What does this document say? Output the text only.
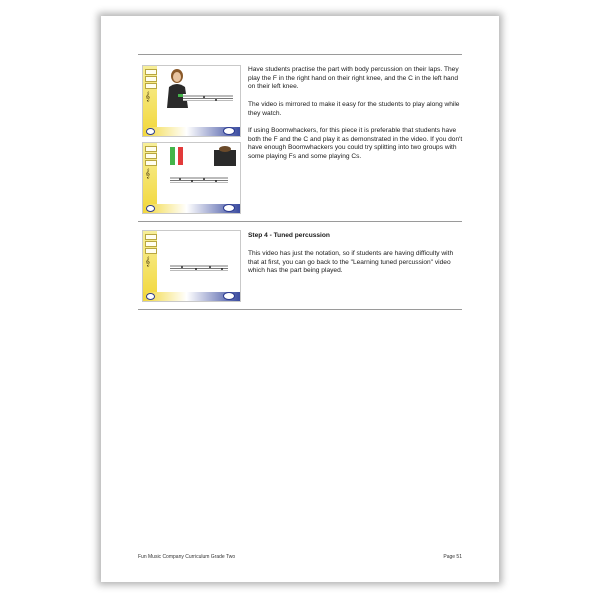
𝄞
𝄞

Have students practise the part with body percussion on their laps. They play the F in the right hand on their right knee, and the C in the left hand on their left knee.

The video is mirrored to make it easy for the students to play along while they watch.

If using Boomwhackers, for this piece it is preferable that students have both the F and the C and play it as demonstrated in the video. If you don't have enough Boomwhackers you could try splitting into two groups with some playing Fs and some playing Cs.

𝄞

Step 4 - Tuned percussion

This video has just the notation, so if students are having difficulty with that at first, you can go back to the "Learning tuned percussion" video which has the part being played.

Fun Music Company Curriculum Grade Two	Page 51
